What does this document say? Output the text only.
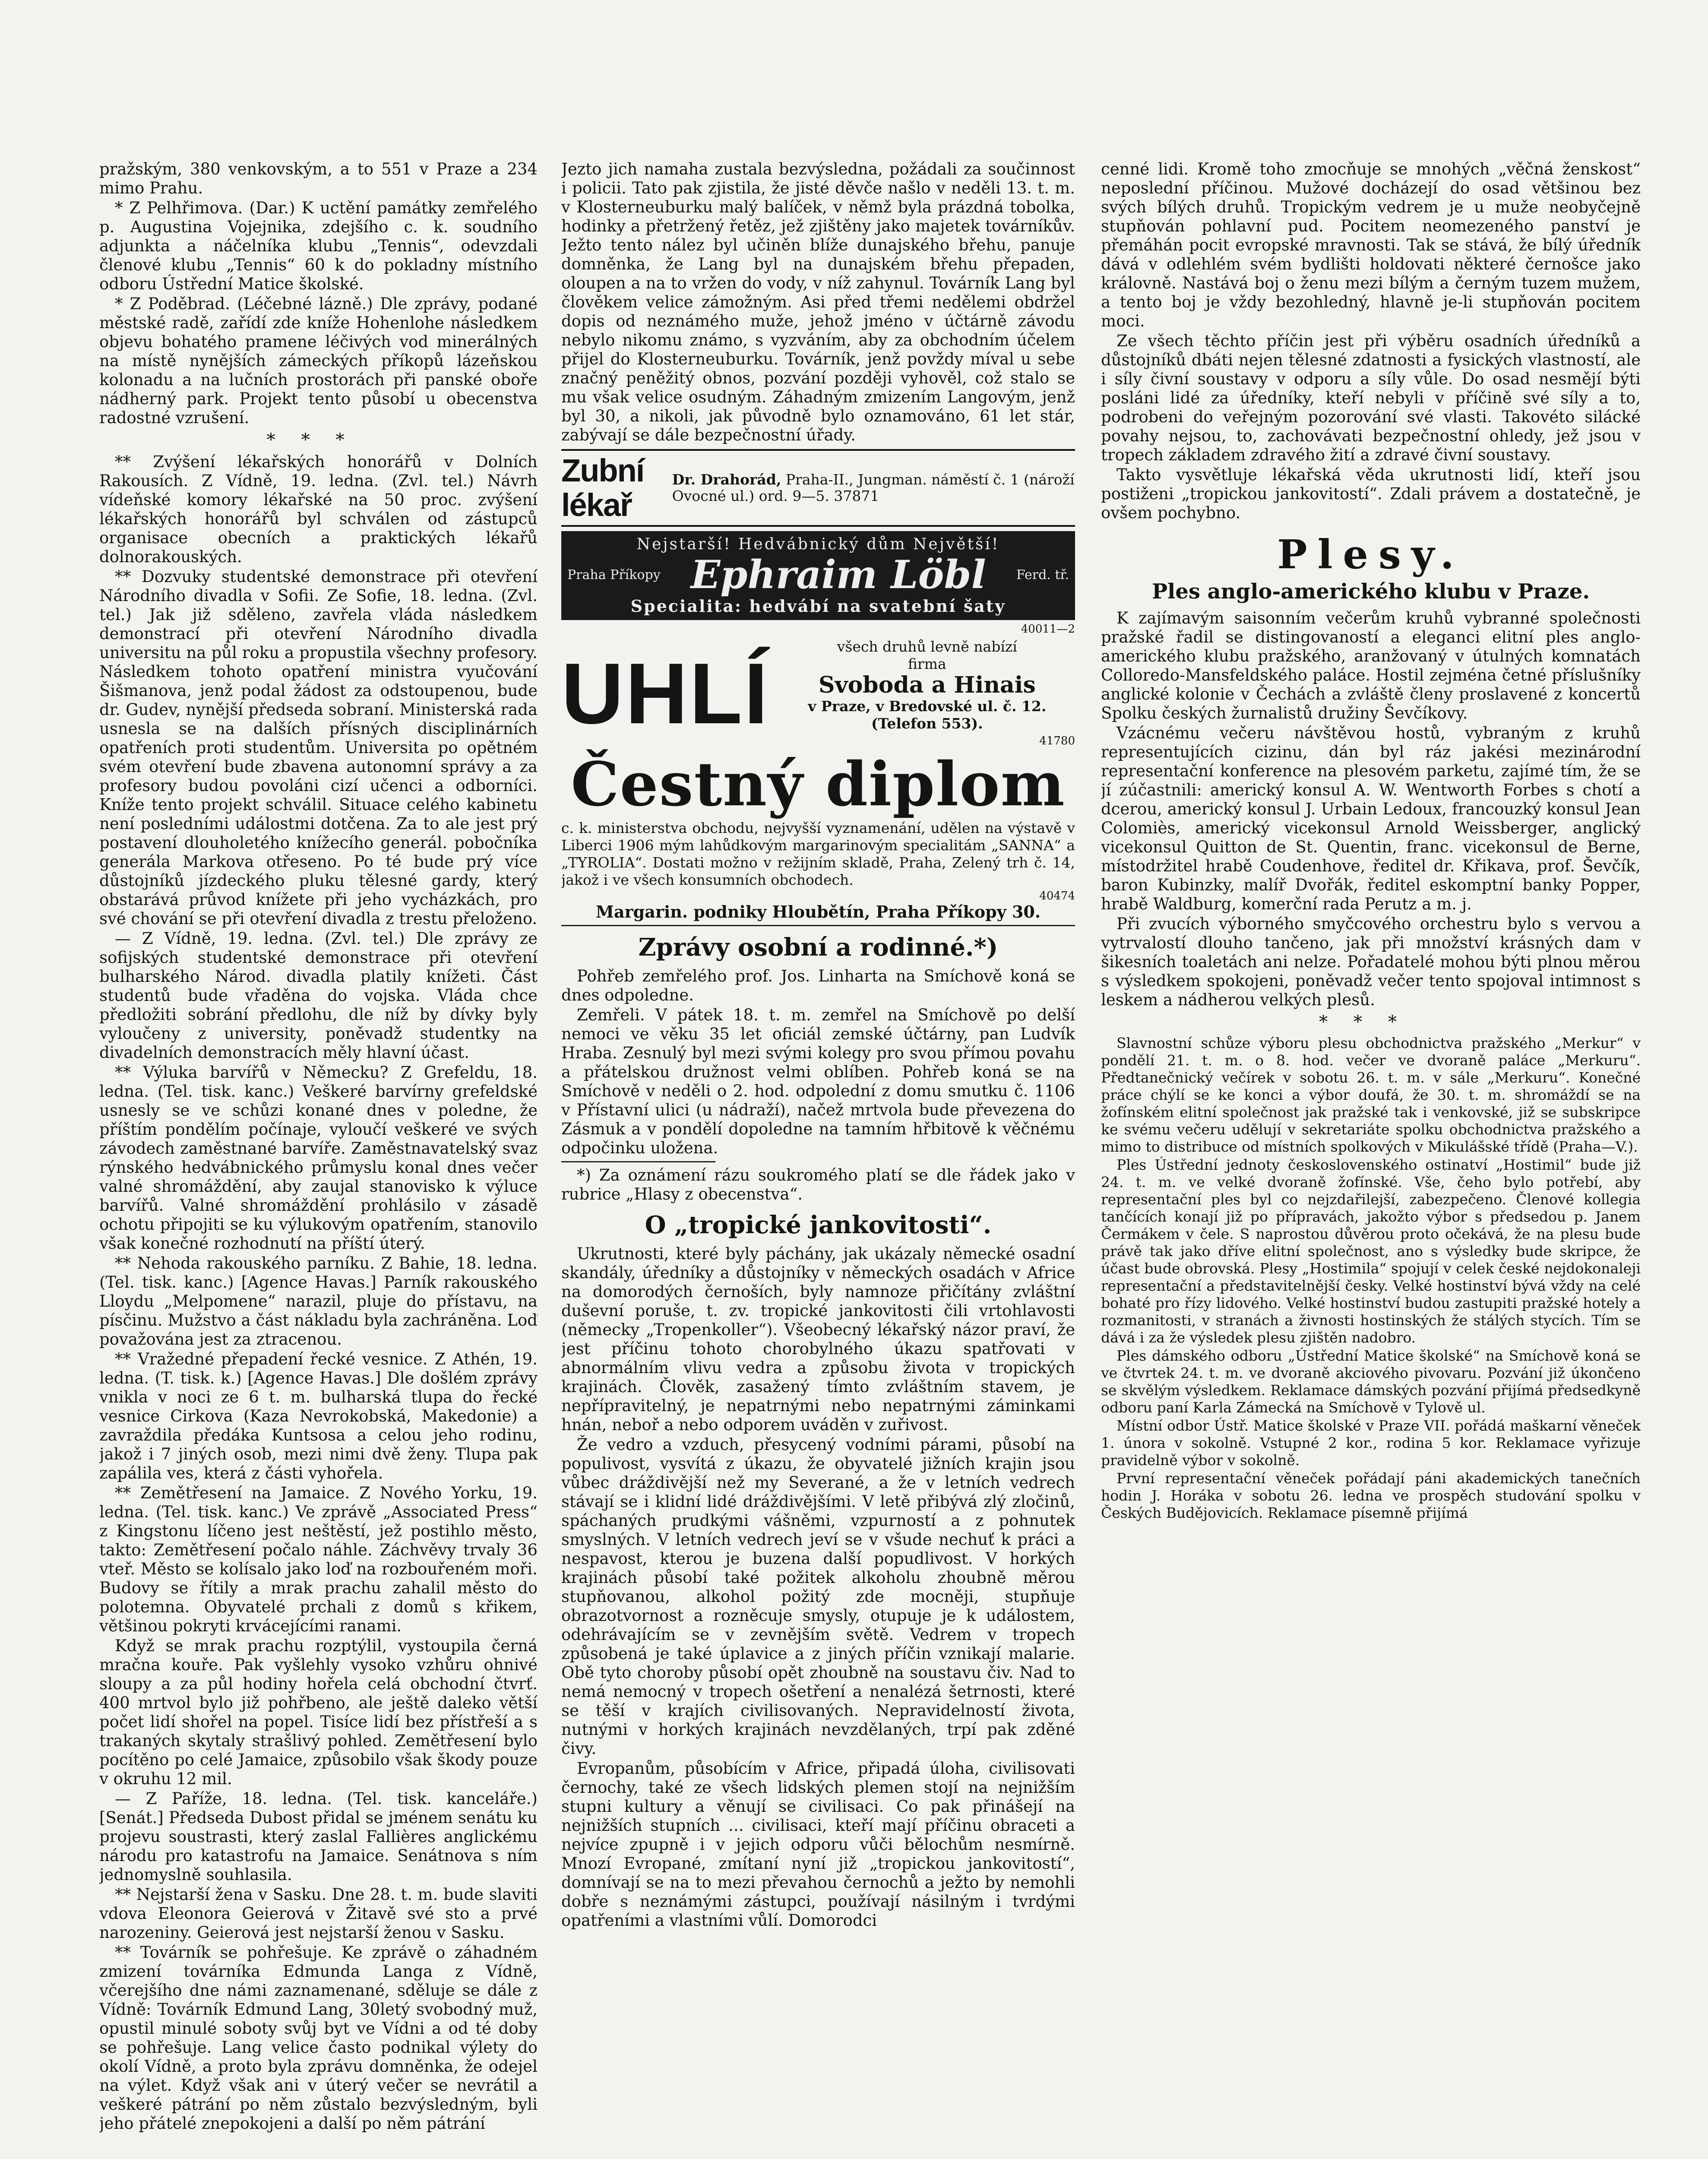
pražským, 380 venkovským, a to 551 v Praze a 234 mimo Prahu.

* Z Pelhřimova. (Dar.) K uctění památky zemřelého p. Augustina Vojejnika, zdejšího c. k. soudního adjunkta a náčelníka klubu „Tennis“, odevzdali členové klubu „Tennis“ 60 k do pokladny místního odboru Ústřední Matice školské.

* Z Poděbrad. (Léčebné lázně.) Dle zprávy, podané městské radě, zařídí zde kníže Hohenlohe následkem objevu bohatého pramene léčivých vod minerálných na místě nynějších zámeckých příkopů lázeňskou kolonadu a na lučních prostorách při panské oboře nádherný park. Projekt tento působí u obecenstva radostné vzrušení.

***

** Zvýšení lékařských honorářů v Dolních Rakousích. Z Vídně, 19. ledna. (Zvl. tel.) Návrh vídeňské komory lékařské na 50 proc. zvýšení lékařských honorářů byl schválen od zástupců organisace obecních a praktických lékařů dolnorakouských.

** Dozvuky studentské demonstrace při otevření Národního divadla v Sofii. Ze Sofie, 18. ledna. (Zvl. tel.) Jak již sděleno, zavřela vláda následkem demonstrací při otevření Národního divadla universitu na půl roku a propustila všechny profesory. Následkem tohoto opatření ministra vyučování Šišmanova, jenž podal žádost za odstoupenou, bude dr. Gudev, nynější předseda sobraní. Ministerská rada usnesla se na dalších přísných disciplinárních opatřeních proti studentům. Universita po opětném svém otevření bude zbavena autonomní správy a za profesory budou povoláni cizí učenci a odborníci. Kníže tento projekt schválil. Situace celého kabinetu není posledními událostmi dotčena. Za to ale jest prý postavení dlouholetého knížecího generál. pobočníka generála Markova otřeseno. Po té bude prý více důstojníků jízdeckého pluku tělesné gardy, který obstarává průvod knížete při jeho vycházkách, pro své chování se při otevření divadla z trestu přeloženo.

— Z Vídně, 19. ledna. (Zvl. tel.) Dle zprávy ze sofijských studentské demonstrace při otevření bulharského Národ. divadla platily knížeti. Část studentů bude vřaděna do vojska. Vláda chce předložiti sobrání předlohu, dle níž by dívky byly vyloučeny z university, poněvadž studentky na divadelních demonstracích měly hlavní účast.

** Výluka barvířů v Německu? Z Grefeldu, 18. ledna. (Tel. tisk. kanc.) Veškeré barvírny grefeldské usnesly se ve schůzi konané dnes v poledne, že příštím pondělím počínaje, vyloučí veškeré ve svých závodech zaměstnané barvíře. Zaměstnavatelský svaz rýnského hedvábnického průmyslu konal dnes večer valné shromáždění, aby zaujal stanovisko k výluce barvířů. Valné shromáždění prohlásilo v zásadě ochotu připojiti se ku výlukovým opatřením, stanovilo však konečné rozhodnutí na příští úterý.

** Nehoda rakouského parníku. Z Bahie, 18. ledna. (Tel. tisk. kanc.) [Agence Havas.] Parník rakouského Lloydu „Melpomene“ narazil, pluje do přístavu, na písčinu. Mužstvo a část nákladu byla zachráněna. Loď považována jest za ztracenou.

** Vražedné přepadení řecké vesnice. Z Athén, 19. ledna. (T. tisk. k.) [Agence Havas.] Dle došlém zprávy vnikla v noci ze 6 t. m. bulharská tlupa do řecké vesnice Cirkova (Kaza Nevrokobská, Makedonie) a zavraždila předáka Kuntsosa a celou jeho rodinu, jakož i 7 jiných osob, mezi nimi dvě ženy. Tlupa pak zapálila ves, která z části vyhořela.

** Zemětřesení na Jamaice. Z Nového Yorku, 19. ledna. (Tel. tisk. kanc.) Ve zprávě „Associated Press“ z Kingstonu líčeno jest neštěstí, jež postihlo město, takto: Zemětřesení počalo náhle. Záchvěvy trvaly 36 vteř. Město se kolísalo jako loď na rozbouřeném moři. Budovy se řítily a mrak prachu zahalil město do polotemna. Obyvatelé prchali z domů s křikem, většinou pokryti krvácejícími ranami.

Když se mrak prachu rozptýlil, vystoupila černá mračna kouře. Pak vyšlehly vysoko vzhůru ohnivé sloupy a za půl hodiny hořela celá obchodní čtvrť. 400 mrtvol bylo již pohřbeno, ale ještě daleko větší počet lidí shořel na popel. Tisíce lidí bez přístřeší a s trakaných skytaly strašlivý pohled. Zemětřesení bylo pocítěno po celé Jamaice, způsobilo však škody pouze v okruhu 12 mil.

— Z Paříže, 18. ledna. (Tel. tisk. kanceláře.) [Senát.] Předseda Dubost přidal se jménem senátu ku projevu soustrasti, který zaslal Fallières anglickému národu pro katastrofu na Jamaice. Senátnova s ním jednomyslně souhlasila.

** Nejstarší žena v Sasku. Dne 28. t. m. bude slaviti vdova Eleonora Geierová v Žitavě své sto a prvé narozeniny. Geierová jest nejstarší ženou v Sasku.

** Továrník se pohřešuje. Ke zprávě o záhadném zmizení továrníka Edmunda Langa z Vídně, včerejšího dne námi zaznamenané, sděluje se dále z Vídně: Továrník Edmund Lang, 30letý svobodný muž, opustil minulé soboty svůj byt ve Vídni a od té doby se pohřešuje. Lang velice často podnikal výlety do okolí Vídně, a proto byla zprávu domněnka, že odejel na výlet. Když však ani v úterý večer se nevrátil a veškeré pátrání po něm zůstalo bezvýsledným, byli jeho přátelé znepokojeni a další po něm pátrání

Jezto jich namaha zustala bezvýsledna, požádali za součinnost i policii. Tato pak zjistila, že jisté děvče našlo v neděli 13. t. m. v Klosterneuburku malý balíček, v němž byla prázdná tobolka, hodinky a přetržený řetěz, jež zjištěny jako majetek továrníkův. Ježto tento nález byl učiněn blíže dunajského břehu, panuje domněnka, že Lang byl na dunajském břehu přepaden, oloupen a na to vržen do vody, v níž zahynul. Továrník Lang byl člověkem velice zámožným. Asi před třemi nedělemi obdržel dopis od neznámého muže, jehož jméno v účtárně závodu nebylo nikomu známo, s vyzváním, aby za obchodním účelem přijel do Klosterneuburku. Továrník, jenž povždy míval u sebe značný peněžitý obnos, pozvání později vyhověl, což stalo se mu však velice osudným. Záhadným zmizením Langovým, jenž byl 30, a nikoli, jak původně bylo oznamováno, 61 let stár, zabývají se dále bezpečnostní úřady.

Zubní lékař
Dr. Drahorád, Praha-II., Jungman. náměstí č. 1 (nároží Ovocné ul.) ord. 9—5. 37871
Nejstarší! Hedvábnický dům Největší!
Praha Příkopy Ephraim Löbl Ferd. tř.
Specialita: hedvábí na svatební šaty

40011—2

UHLÍ	všech druhů levně nabízí
firma
Svoboda a Hinais
v Praze, v Bredovské ul. č. 12. (Telefon 553).
41780
Čestný diplom

c. k. ministerstva obchodu, nejvyšší vyznamenání, udělen na výstavě v Liberci 1906 mým lahůdkovým margarinovým specialitám „SANNA“ a „TYROLIA“. Dostati možno v režijním skladě, Praha, Zelený trh č. 14, jakož i ve všech konsumních obchodech.

40474

Margarin. podniky Hloubětín, Praha Příkopy 30.

Zprávy osobní a rodinné.*)

Pohřeb zemřelého prof. Jos. Linharta na Smíchově koná se dnes odpoledne.

Zemřeli. V pátek 18. t. m. zemřel na Smíchově po delší nemoci ve věku 35 let oficiál zemské účtárny, pan Ludvík Hraba. Zesnulý byl mezi svými kolegy pro svou přímou povahu a přátelskou družnost velmi oblíben. Pohřeb koná se na Smíchově v neděli o 2. hod. odpolední z domu smutku č. 1106 v Přístavní ulici (u nádraží), načež mrtvola bude převezena do Zásmuk a v pondělí dopoledne na tamním hřbitově k věčnému odpočinku uložena.

*) Za oznámení rázu soukromého platí se dle řádek jako v rubrice „Hlasy z obecenstva“.

O „tropické jankovitosti“.

Ukrutnosti, které byly páchány, jak ukázaly německé osadní skandály, úředníky a důstojníky v německých osadách v Africe na domorodých černoších, byly namnoze přičítány zvláštní duševní poruše, t. zv. tropické jankovitosti čili vrtohlavosti (německy „Tropenkoller“). Všeobecný lékařský názor praví, že jest příčinu tohoto chorobylného úkazu spatřovati v abnormálním vlivu vedra a způsobu života v tropických krajinách. Člověk, zasažený tímto zvláštním stavem, je nepřípravitelný, je nepatrnými nebo nepatrnými záminkami hnán, neboř a nebo odporem uváděn v zuřivost.

Že vedro a vzduch, přesycený vodními párami, působí na populivost, vysvítá z úkazu, že obyvatelé jižních krajin jsou vůbec dráždivější než my Severané, a že v letních vedrech stávají se i klidní lidé dráždivějšími. V letě přibývá zlý zločinů, spáchaných prudkými vášněmi, vzpurností a z pohnutek smyslných. V letních vedrech jeví se v všude nechuť k práci a nespavost, kterou je buzena další popudlivost. V horkých krajinách působí také požitek alkoholu zhoubně měrou stupňovanou, alkohol požitý zde mocněji, stupňuje obrazotvornost a rozněcuje smysly, otupuje je k událostem, odehrávajícím se v zevnějším světě. Vedrem v tropech způsobená je také úplavice a z jiných příčin vznikají malarie. Obě tyto choroby působí opět zhoubně na soustavu čiv. Nad to nemá nemocný v tropech ošetření a nenalézá šetrnosti, které se těší v krajích civilisovaných. Nepravidelností života, nutnými v horkých krajinách nevzdělaných, trpí pak zděné čivy.

Evropanům, působícím v Africe, připadá úloha, civilisovati černochy, také ze všech lidských plemen stojí na nejnižším stupni kultury a věnují se civilisaci. Co pak přinášejí na nejnižších stupních ... civilisaci, kteří mají příčinu obraceti a nejvíce zpupně i v jejich odporu vůči bělochům nesmírně. Mnozí Evropané, zmítaní nyní již „tropickou jankovitostí“, domnívají se na to mezi převahou černochů a ježto by nemohli dobře s neznámými zástupci, používají násilným i tvrdými opatřeními a vlastními vůlí. Domorodci

cenné lidi. Kromě toho zmocňuje se mnohých „věčná ženskost“ neposlední příčinou. Mužové docházejí do osad většinou bez svých bílých druhů. Tropickým vedrem je u muže neobyčejně stupňován pohlavní pud. Pocitem neomezeného panství je přemáhán pocit evropské mravnosti. Tak se stává, že bílý úředník dává v odlehlém svém bydlišti holdovati některé černošce jako královně. Nastává boj o ženu mezi bílým a černým tuzem mužem, a tento boj je vždy bezohledný, hlavně je-li stupňován pocitem moci.

Ze všech těchto příčin jest při výběru osadních úředníků a důstojníků dbáti nejen tělesné zdatnosti a fysických vlastností, ale i síly čivní soustavy v odporu a síly vůle. Do osad nesmějí býti posláni lidé za úředníky, kteří nebyli v příčině své síly a to, podrobeni do veřejným pozorování své vlasti. Takovéto silácké povahy nejsou, to, zachovávati bezpečnostní ohledy, jež jsou v tropech základem zdravého žití a zdravé čivní soustavy.

Takto vysvětluje lékařská věda ukrutnosti lidí, kteří jsou postiženi „tropickou jankovitostí“. Zdali právem a dostatečně, je ovšem pochybno.

Plesy.
Ples anglo-amerického klubu v Praze.

K zajímavým saisonním večerům kruhů vybranné společnosti pražské řadil se distingovaností a eleganci elitní ples anglo-amerického klubu pražského, aranžovaný v útulných komnatách Colloredo-Mansfeldského paláce. Hostil zejména četné příslušníky anglické kolonie v Čechách a zvláště členy proslavené z koncertů Spolku českých žurnalistů družiny Ševčíkovy.

Vzácnému večeru návštěvou hostů, vybraným z kruhů representujících cizinu, dán byl ráz jakési mezinárodní representační konference na plesovém parketu, zajímé tím, že se jí zúčastnili: americký konsul A. W. Wentworth Forbes s chotí a dcerou, americký konsul J. Urbain Ledoux, francouzký konsul Jean Colomiès, americký vicekonsul Arnold Weissberger, anglický vicekonsul Quitton de St. Quentin, franc. vicekonsul de Berne, místodržitel hrabě Coudenhove, ředitel dr. Křikava, prof. Ševčík, baron Kubinzky, malíř Dvořák, ředitel eskomptní banky Popper, hrabě Waldburg, komerční rada Perutz a m. j.

Při zvucích výborného smyčcového orchestru bylo s vervou a vytrvalostí dlouho tančeno, jak při množství krásných dam v šikesních toaletách ani nelze. Pořadatelé mohou býti plnou měrou s výsledkem spokojeni, poněvadž večer tento spojoval intimnost s leskem a nádherou velkých plesů.

***

Slavnostní schůze výboru plesu obchodnictva pražského „Merkur“ v pondělí 21. t. m. o 8. hod. večer ve dvoraně paláce „Merkuru“. Předtanečnický večírek v sobotu 26. t. m. v sále „Merkuru“. Konečné práce chýlí se ke konci a výbor doufá, že 30. t. m. shromáždí se na žofínském elitní společnost jak pražské tak i venkovské, již se subskripce ke svému večeru udělují v sekretariáte spolku obchodnictva pražského a mimo to distribuce od místních spolkových v Mikulášské třídě (Praha—V.).

Ples Ústřední jednoty československého ostinatví „Hostimil“ bude již 24. t. m. ve velké dvoraně žofínské. Vše, čeho bylo potřebí, aby representační ples byl co nejzdařilejší, zabezpečeno. Členové kollegia tančících konají již po přípravách, jakožto výbor s předsedou p. Janem Čermákem v čele. S naprostou důvěrou proto očekává, že na plesu bude právě tak jako dříve elitní společnost, ano s výsledky bude skripce, že účast bude obrovská. Plesy „Hostimila“ spojují v celek české nejdokonaleji representační a představitelnější česky. Velké hostinství bývá vždy na celé bohaté pro řízy lidového. Velké hostinství budou zastupiti pražské hotely a rozmanitosti, v stranách a živnosti hostinských že stálých stycích. Tím se dává i za že výsledek plesu zjištěn nadobro.

Ples dámského odboru „Ústřední Matice školské“ na Smíchově koná se ve čtvrtek 24. t. m. ve dvoraně akciového pivovaru. Pozvání již úkončeno se skvělým výsledkem. Reklamace dámských pozvání přijímá předsedkyně odboru paní Karla Zámecká na Smíchově v Tylově ul.

Místní odbor Ústř. Matice školské v Praze VII. pořádá maškarní věneček 1. února v sokolně. Vstupné 2 kor., rodina 5 kor. Reklamace vyřizuje pravidelně výbor v sokolně.

První representační věneček pořádají páni akademických tanečních hodin J. Horáka v sobotu 26. ledna ve prospěch studování spolku v Českých Budějovicích. Reklamace písemně přijímá
